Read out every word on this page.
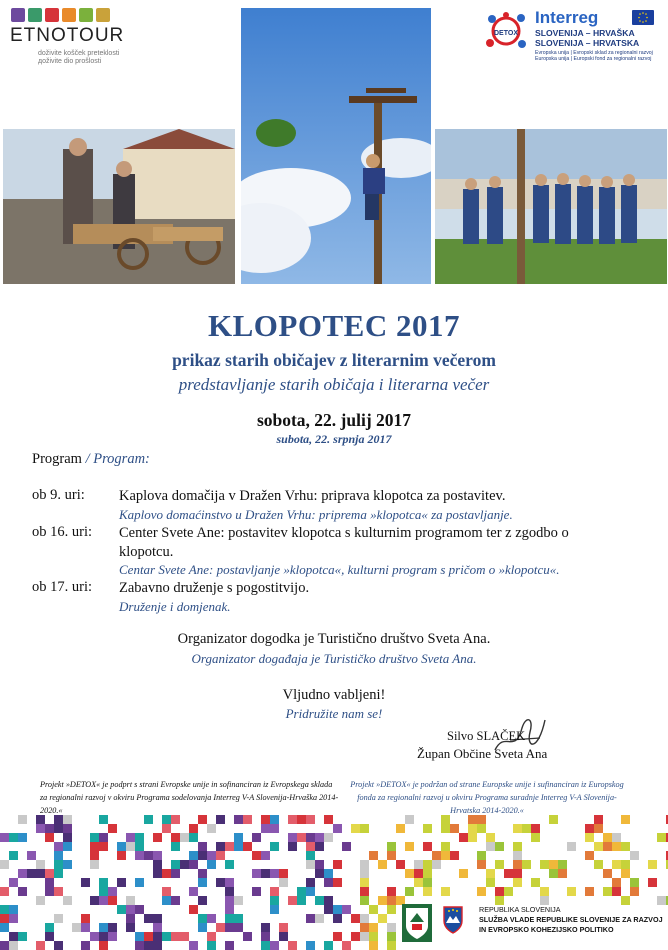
ETNOTOUR
doživite košček preteklosti
доživite dio prošlosti
DETOX
Interreg
SLOVENIJA – HRVAŠKA
SLOVENIJA – HRVATSKA
Evropska unija | Evropski sklad za regionalni razvoj
Europska unija | Europski fond za regionalni razvoj
KLOPOTEC 2017
prikaz starih običajev z literarnim večerom
predstavljanje starih običaja i literarna večer
sobota, 22. julij 2017
subota, 22. srpnja 2017
Program / Program:
ob 9. uri: Kaplova domačija v Dražen Vrhu: priprava klopotca za postavitev.
Kaplovo domaćinstvo u Dražen Vrhu: priprema »klopotca« za postavljanje.
ob 16. uri: Center Svete Ane: postavitev klopotca s kulturnim programom ter z zgodbo o klopotcu.
Centar Svete Ane: postavljanje »klopotca«, kulturni program s pričom o »klopotcu«.
ob 17. uri: Zabavno druženje s pogostitvijo.
Druženje i domjenak.
Organizator dogodka je Turistično društvo Sveta Ana.
Organizator događaja je Turističko društvo Sveta Ana.
Vljudno vabljeni!
Pridružite nam se!
Silvo SLAČEK
Župan Občine Sveta Ana
Projekt »DETOX« je podprt s strani Evropske unije in sofinanciran iz Evropskega sklada za regionalni razvoj v okviru Programa sodelovanja Interreg V-A Slovenija-Hrvaška 2014-2020.«
Projekt »DETOX« je podržan od strane Europske unije i sufinanciran iz Europskog fonda za regionalni razvoj u okviru Programa suradnje Interreg V-A Slovenija-Hrvatska 2014-2020.«
REPUBLIKA SLOVENIJA
SLUŽBA VLADE REPUBLIKE SLOVENIJE ZA RAZVOJ
IN EVROPSKO KOHEZIJSKO POLITIKO
